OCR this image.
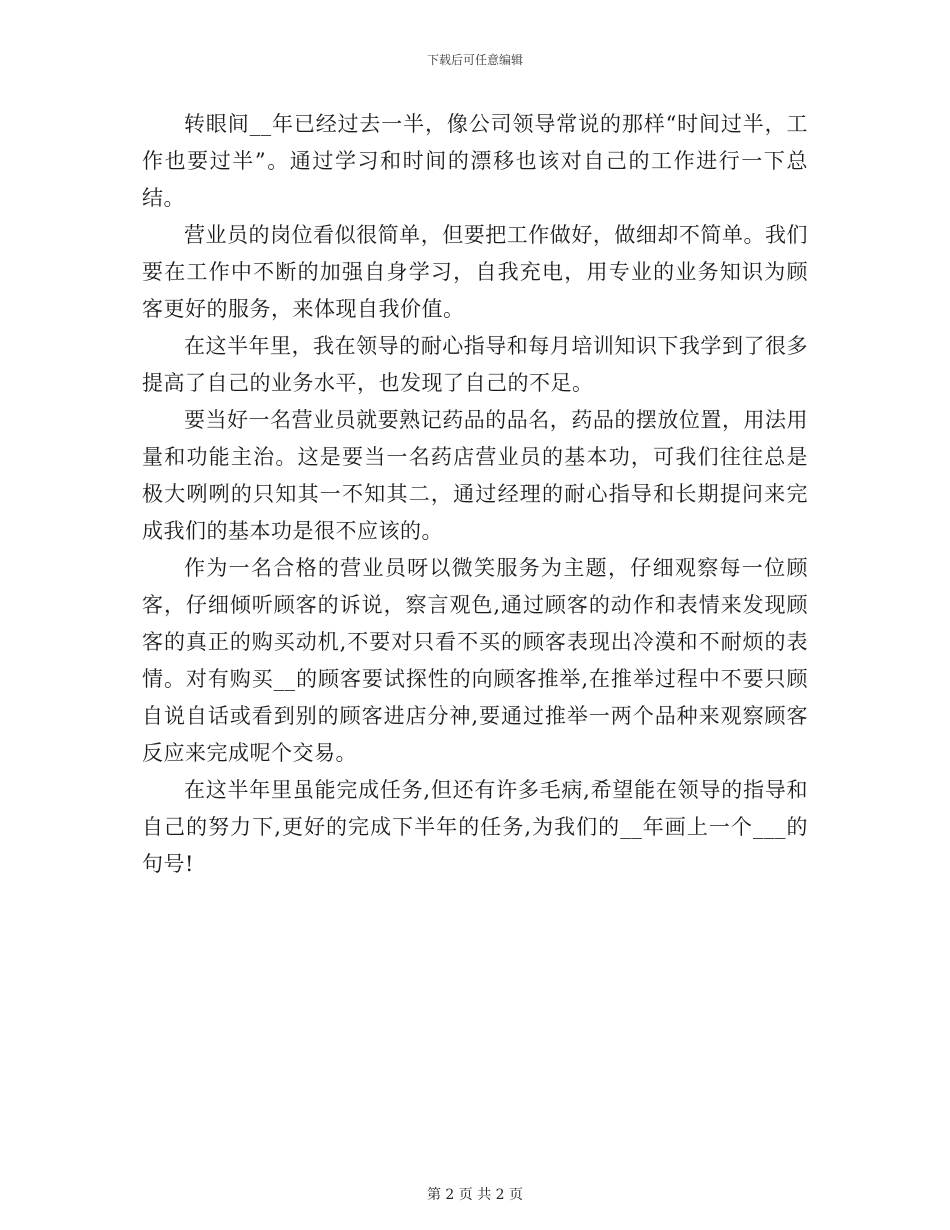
下载后可任意编辑

转眼间__年已经过去一半，像公司领导常说的那样“时间过半，工作也要过半”。通过学习和时间的漂移也该对自己的工作进行一下总结。

营业员的岗位看似很简单，但要把工作做好，做细却不简单。我们要在工作中不断的加强自身学习，自我充电，用专业的业务知识为顾客更好的服务，来体现自我价值。

在这半年里，我在领导的耐心指导和每月培训知识下我学到了很多提高了自己的业务水平，也发现了自己的不足。

要当好一名营业员就要熟记药品的品名，药品的摆放位置，用法用量和功能主治。这是要当一名药店营业员的基本功，可我们往往总是极大咧咧的只知其一不知其二，通过经理的耐心指导和长期提问来完成我们的基本功是很不应该的。

作为一名合格的营业员呀以微笑服务为主题，仔细观察每一位顾客，仔细倾听顾客的诉说，察言观色,通过顾客的动作和表情来发现顾客的真正的购买动机,不要对只看不买的顾客表现出冷漠和不耐烦的表情。对有购买__的顾客要试探性的向顾客推举,在推举过程中不要只顾自说自话或看到别的顾客进店分神,要通过推举一两个品种来观察顾客反应来完成呢个交易。

在这半年里虽能完成任务,但还有许多毛病,希望能在领导的指导和自己的努力下,更好的完成下半年的任务,为我们的__年画上一个___的句号!

第 2 页 共 2 页
